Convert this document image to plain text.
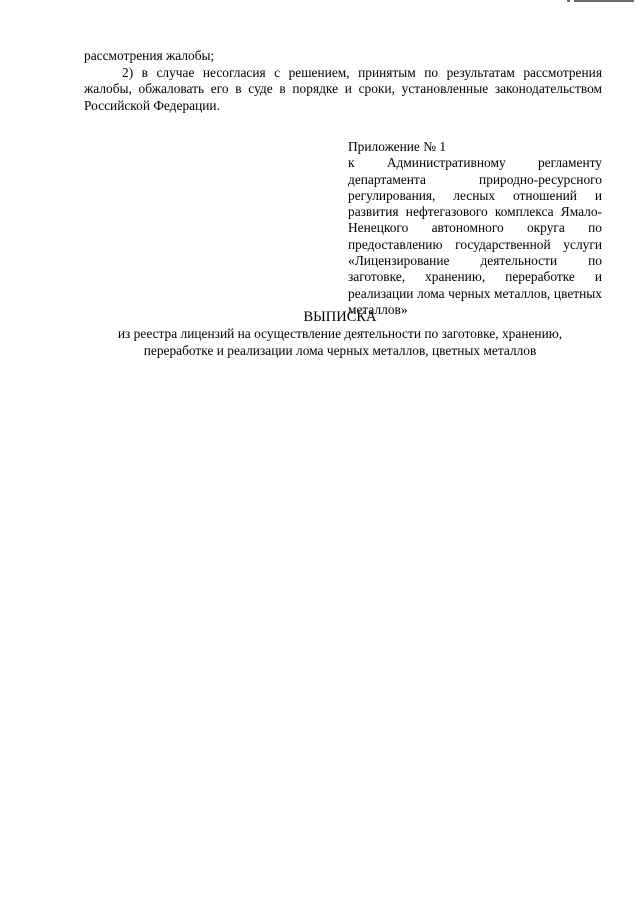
рассмотрения жалобы;

2) в случае несогласия с решением, принятым по результатам рассмотрения жалобы, обжаловать его в суде в порядке и сроки, установленные законодательством Российской Федерации.

Приложение № 1

к Административному регламенту департамента природно-ресурсного регулирования, лесных отношений и развития нефтегазового комплекса Ямало-Ненецкого автономного округа по предоставлению государственной услуги «Лицензирование деятельности по заготовке, хранению, переработке и реализации лома черных металлов, цветных металлов»

ВЫПИСКА

из реестра лицензий на осуществление деятельности по заготовке, хранению,

переработке и реализации лома черных металлов, цветных металлов
